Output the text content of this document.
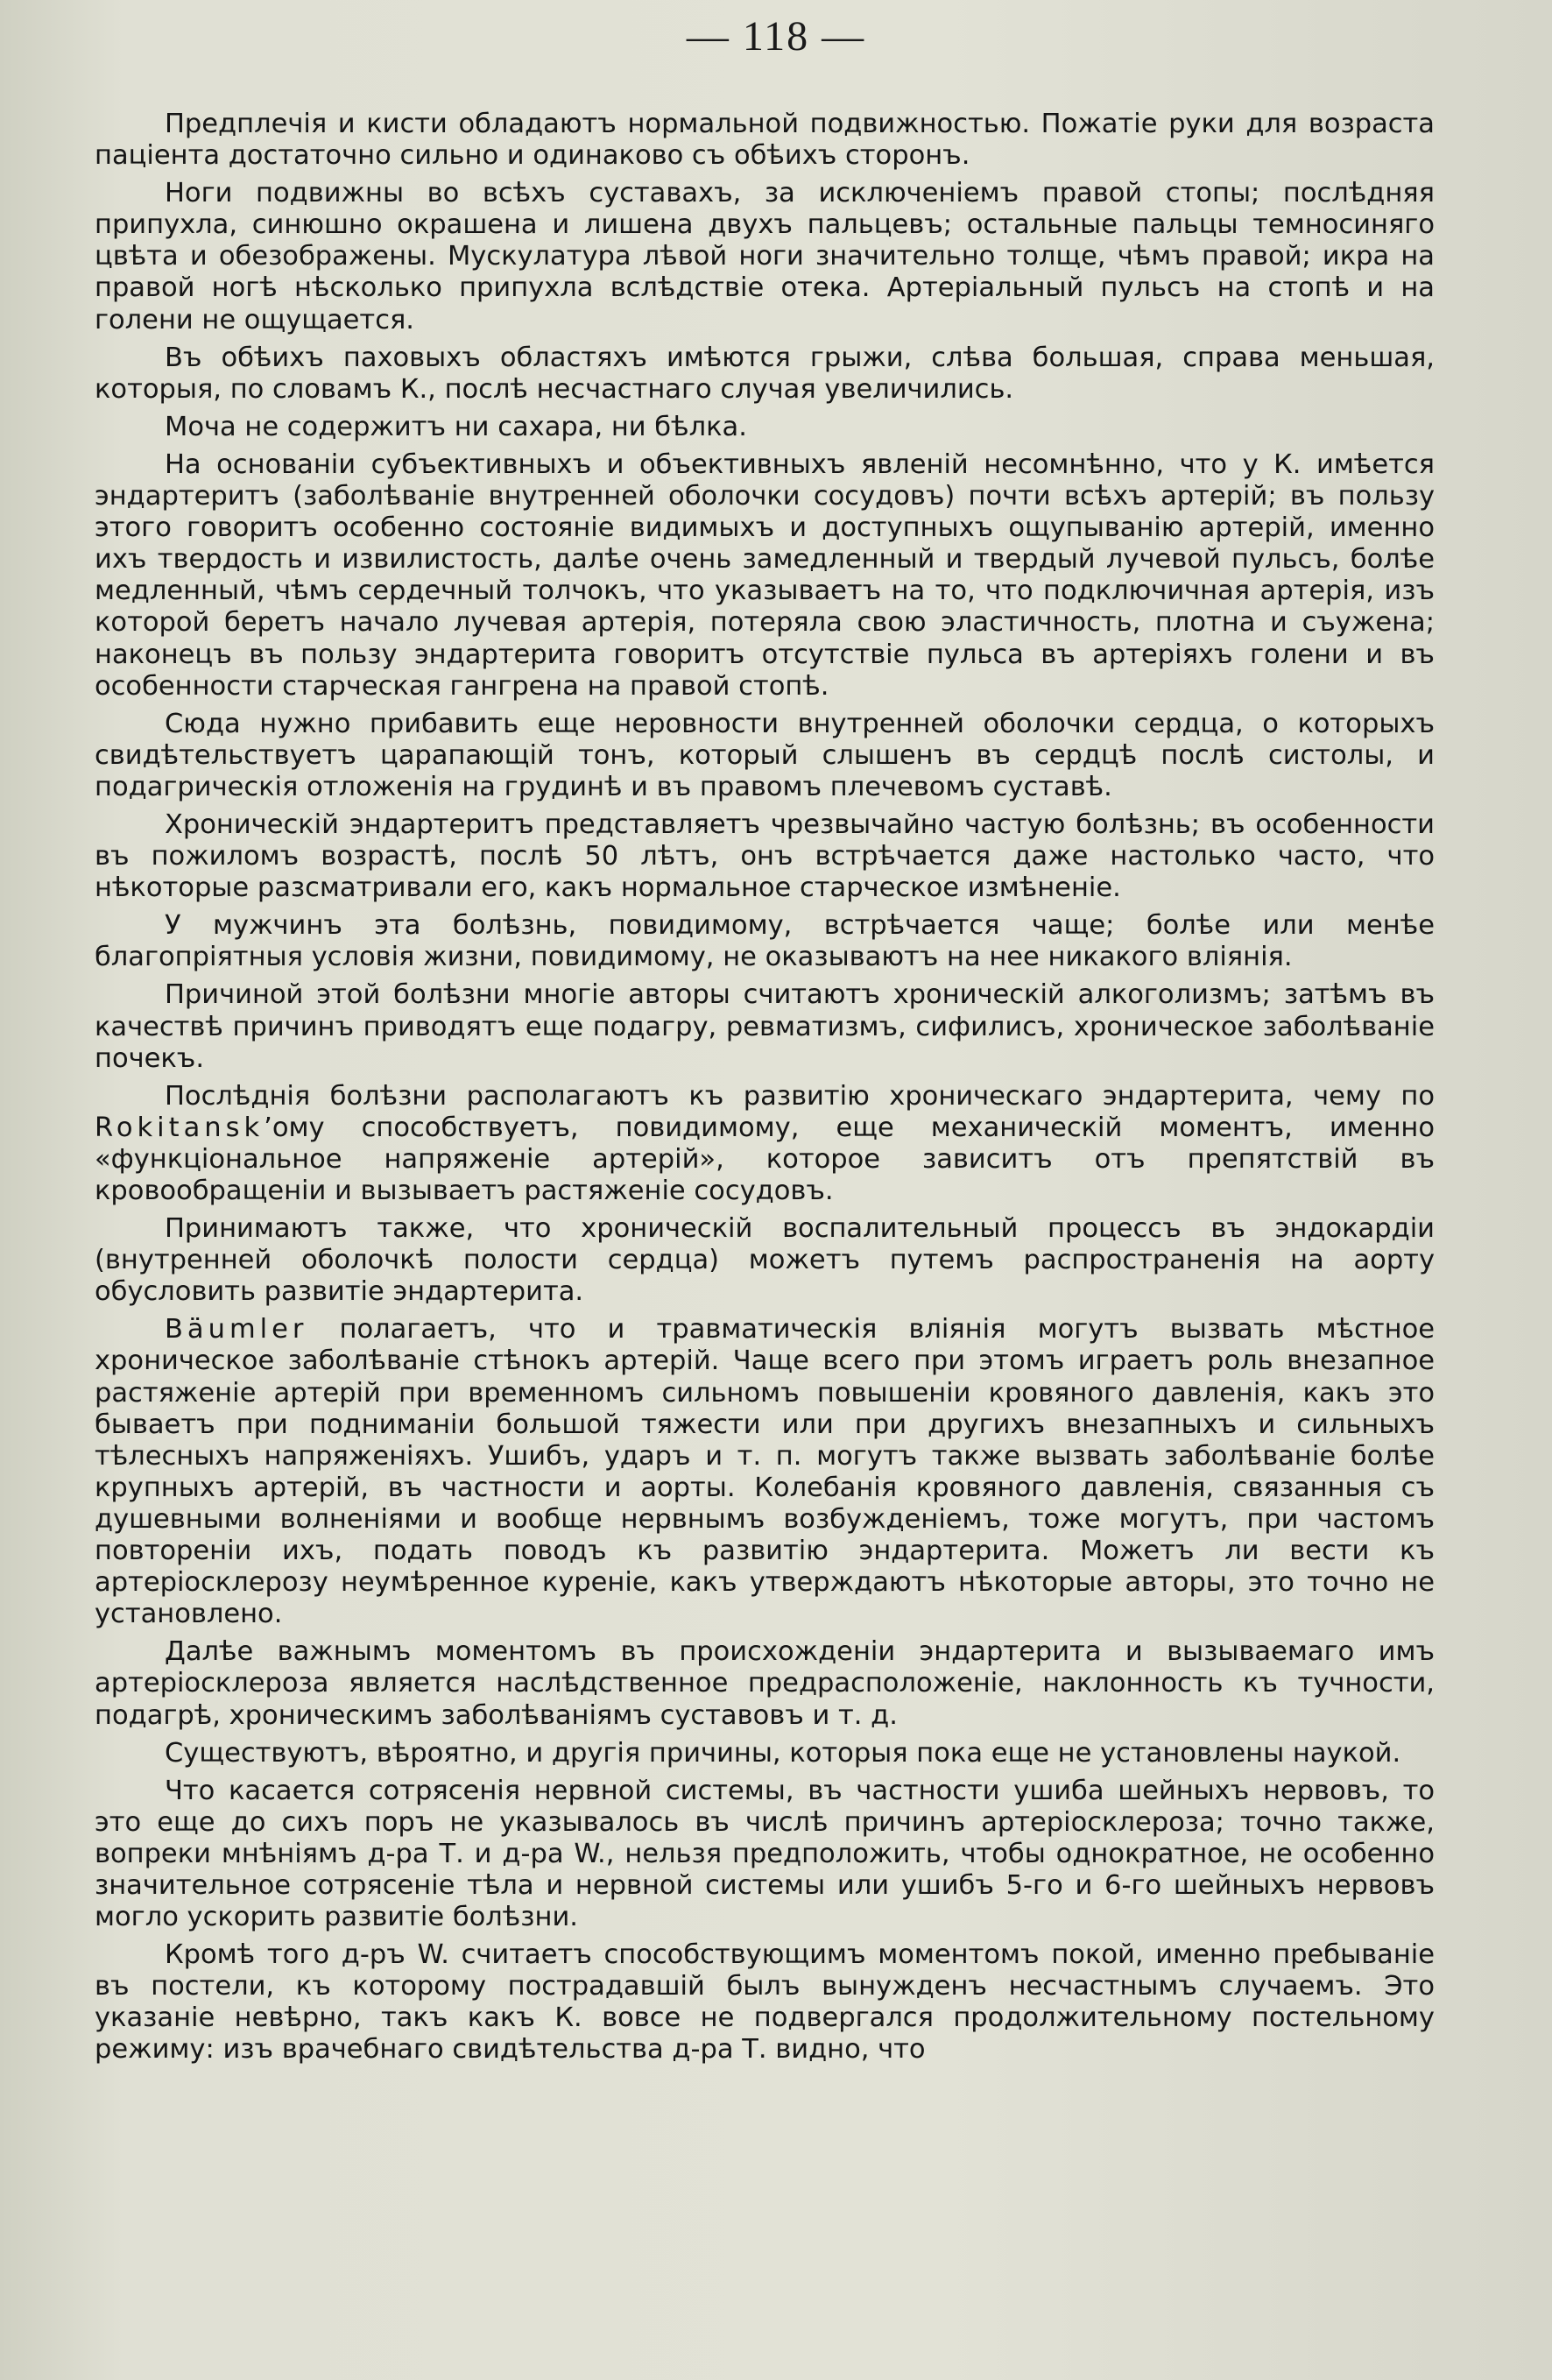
— 118 —

Предплечія и кисти обладаютъ нормальной подвижностью. Пожатіе руки для возраста паціента достаточно сильно и одинаково съ обѣихъ сторонъ.

Ноги подвижны во всѣхъ суставахъ, за исключеніемъ правой стопы; послѣдняя припухла, синюшно окрашена и лишена двухъ пальцевъ; остальные пальцы темносиняго цвѣта и обезображены. Мускулатура лѣвой ноги значительно толще, чѣмъ правой; икра на правой ногѣ нѣсколько припухла вслѣдствіе отека. Артеріальный пульсъ на стопѣ и на голени не ощущается.

Въ обѣихъ паховыхъ областяхъ имѣются грыжи, слѣва большая, справа меньшая, которыя, по словамъ К., послѣ несчастнаго случая увеличились.

Моча не содержитъ ни сахара, ни бѣлка.

На основаніи субъективныхъ и объективныхъ явленій несомнѣнно, что у К. имѣется эндартеритъ (заболѣваніе внутренней оболочки сосудовъ) почти всѣхъ артерій; въ пользу этого говоритъ особенно состояніе видимыхъ и доступныхъ ощупыванію артерій, именно ихъ твердость и извилистость, далѣе очень замедленный и твердый лучевой пульсъ, болѣе медленный, чѣмъ сердечный толчокъ, что указываетъ на то, что подключичная артерія, изъ которой беретъ начало лучевая артерія, потеряла свою эластичность, плотна и съужена; наконецъ въ пользу эндартерита говоритъ отсутствіе пульса въ артеріяхъ голени и въ особенности старческая гангрена на правой стопѣ.

Сюда нужно прибавить еще неровности внутренней оболочки сердца, о которыхъ свидѣтельствуетъ царапающій тонъ, который слышенъ въ сердцѣ послѣ систолы, и подагрическія отложенія на грудинѣ и въ правомъ плечевомъ суставѣ.

Хроническій эндартеритъ представляетъ чрезвычайно частую болѣзнь; въ особенности въ пожиломъ возрастѣ, послѣ 50 лѣтъ, онъ встрѣчается даже настолько часто, что нѣкоторые разсматривали его, какъ нормальное старческое измѣненіе.

У мужчинъ эта болѣзнь, повидимому, встрѣчается чаще; болѣе или менѣе благопріятныя условія жизни, повидимому, не оказываютъ на нее никакого вліянія.

Причиной этой болѣзни многіе авторы считаютъ хроническій алкоголизмъ; затѣмъ въ качествѣ причинъ приводятъ еще подагру, ревматизмъ, сифилисъ, хроническое заболѣваніе почекъ.

Послѣднія болѣзни располагаютъ къ развитію хроническаго эндартерита, чему по Rokitansk’ому способствуетъ, повидимому, еще механическій моментъ, именно «функціональное напряженіе артерій», которое зависитъ отъ препятствій въ кровообращеніи и вызываетъ растяженіе сосудовъ.

Принимаютъ также, что хроническій воспалительный процессъ въ эндокардіи (внутренней оболочкѣ полости сердца) можетъ путемъ распространенія на аорту обусловить развитіе эндартерита.

Bäumler полагаетъ, что и травматическія вліянія могутъ вызвать мѣстное хроническое заболѣваніе стѣнокъ артерій. Чаще всего при этомъ играетъ роль внезапное растяженіе артерій при временномъ сильномъ повышеніи кровяного давленія, какъ это бываетъ при подниманіи большой тяжести или при другихъ внезапныхъ и сильныхъ тѣлесныхъ напряженіяхъ. Ушибъ, ударъ и т. п. могутъ также вызвать заболѣваніе болѣе крупныхъ артерій, въ частности и аорты. Колебанія кровяного давленія, связанныя съ душевными волненіями и вообще нервнымъ возбужденіемъ, тоже могутъ, при частомъ повтореніи ихъ, подать поводъ къ развитію эндартерита. Можетъ ли вести къ артеріосклерозу неумѣренное куреніе, какъ утверждаютъ нѣкоторые авторы, это точно не установлено.

Далѣе важнымъ моментомъ въ происхожденіи эндартерита и вызываемаго имъ артеріосклероза является наслѣдственное предрасположеніе, наклонность къ тучности, подагрѣ, хроническимъ заболѣваніямъ суставовъ и т. д.

Существуютъ, вѣроятно, и другія причины, которыя пока еще не установлены наукой.

Что касается сотрясенія нервной системы, въ частности ушиба шейныхъ нервовъ, то это еще до сихъ поръ не указывалось въ числѣ причинъ артеріосклероза; точно также, вопреки мнѣніямъ д-ра Т. и д-ра W., нельзя предположить, чтобы однократное, не особенно значительное сотрясеніе тѣла и нервной системы или ушибъ 5-го и 6-го шейныхъ нервовъ могло ускорить развитіе болѣзни.

Кромѣ того д-ръ W. считаетъ способствующимъ моментомъ покой, именно пребываніе въ постели, къ которому пострадавшій былъ вынужденъ несчастнымъ случаемъ. Это указаніе невѣрно, такъ какъ К. вовсе не подвергался продолжительному постельному режиму: изъ врачебнаго свидѣтельства д-ра Т. видно, что
